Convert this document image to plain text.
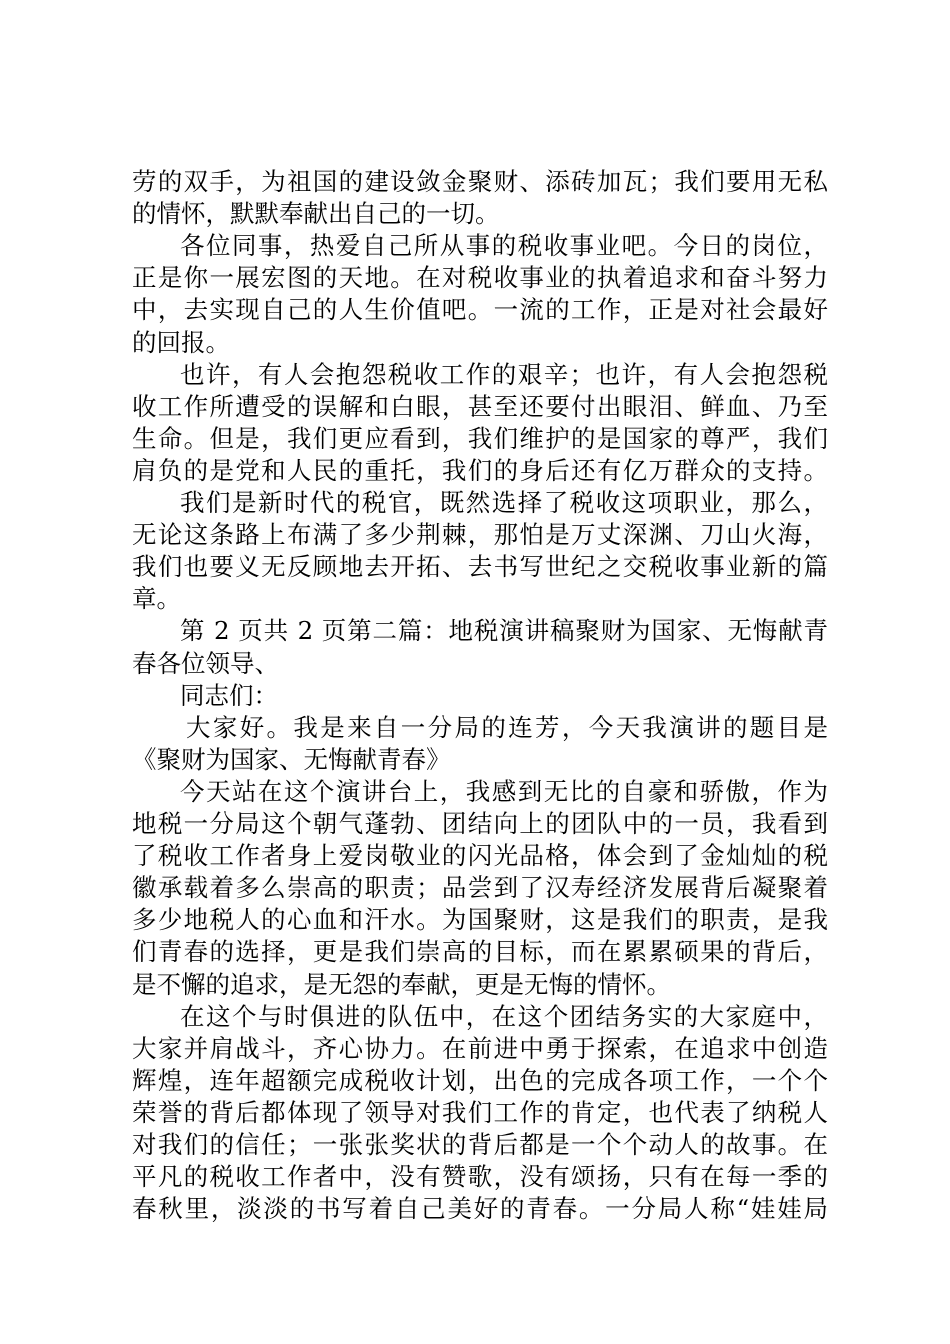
劳的双手，为祖国的建设敛金聚财、添砖加瓦；我们要用无私
的情怀，默默奉献出自己的一切。
各位同事，热爱自己所从事的税收事业吧。今日的岗位，
正是你一展宏图的天地。在对税收事业的执着追求和奋斗努力
中，去实现自己的人生价值吧。一流的工作，正是对社会最好
的回报。
也许，有人会抱怨税收工作的艰辛；也许，有人会抱怨税
收工作所遭受的误解和白眼，甚至还要付出眼泪、鲜血、乃至
生命。但是，我们更应看到，我们维护的是国家的尊严，我们
肩负的是党和人民的重托，我们的身后还有亿万群众的支持。
我们是新时代的税官，既然选择了税收这项职业，那么，
无论这条路上布满了多少荆棘，那怕是万丈深渊、刀山火海，
我们也要义无反顾地去开拓、去书写世纪之交税收事业新的篇
章。
第 2 页共 2 页第二篇：地税演讲稿聚财为国家、无悔献青
春各位领导、
同志们：
大家好。我是来自一分局的连芳，今天我演讲的题目是
《聚财为国家、无悔献青春》
今天站在这个演讲台上，我感到无比的自豪和骄傲，作为
地税一分局这个朝气蓬勃、团结向上的团队中的一员，我看到
了税收工作者身上爱岗敬业的闪光品格，体会到了金灿灿的税
徽承载着多么崇高的职责；品尝到了汉寿经济发展背后凝聚着
多少地税人的心血和汗水。为国聚财，这是我们的职责，是我
们青春的选择，更是我们崇高的目标，而在累累硕果的背后，
是不懈的追求，是无怨的奉献，更是无悔的情怀。
在这个与时俱进的队伍中，在这个团结务实的大家庭中，
大家并肩战斗，齐心协力。在前进中勇于探索，在追求中创造
辉煌，连年超额完成税收计划，出色的完成各项工作，一个个
荣誉的背后都体现了领导对我们工作的肯定，也代表了纳税人
对我们的信任；一张张奖状的背后都是一个个动人的故事。在
平凡的税收工作者中，没有赞歌，没有颂扬，只有在每一季的
春秋里，淡淡的书写着自己美好的青春。一分局人称“娃娃局
